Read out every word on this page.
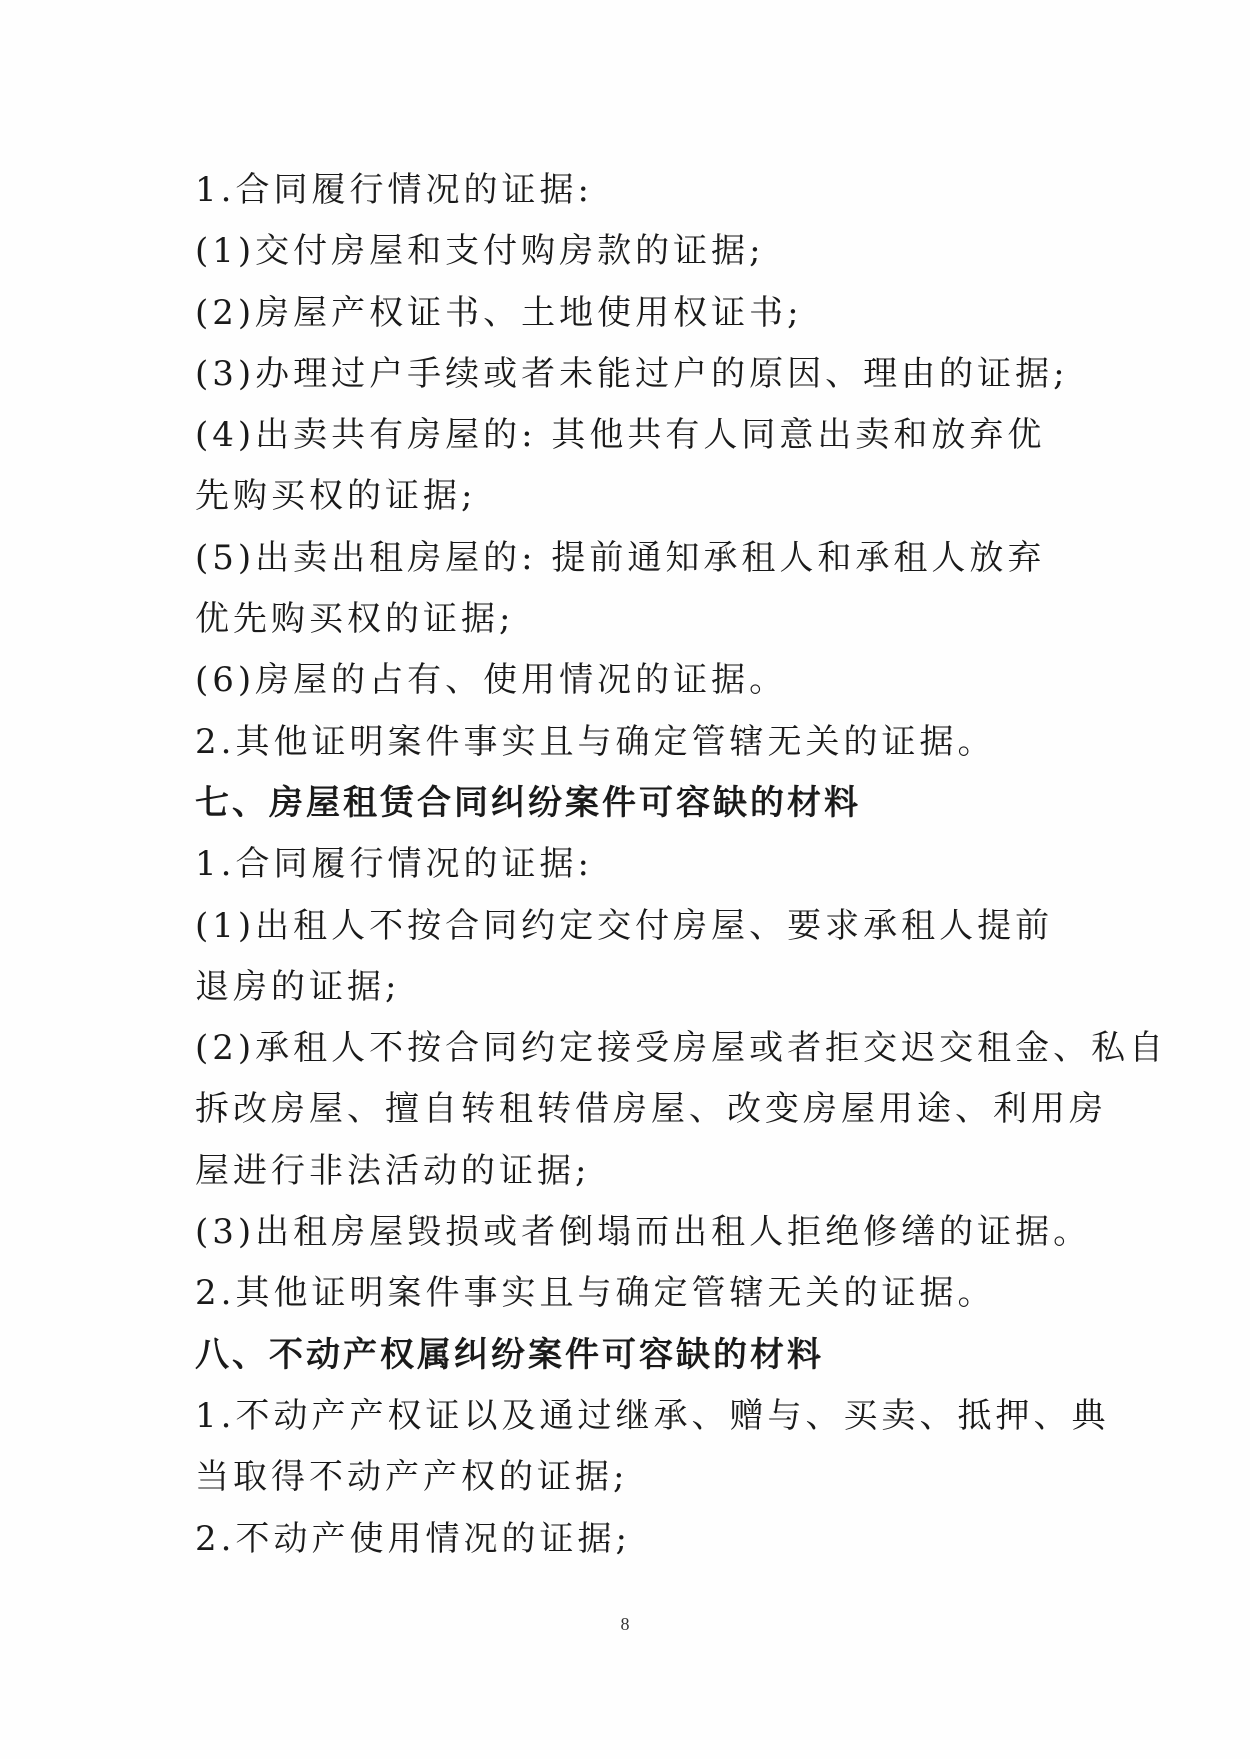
1.合同履行情况的证据:
(1)交付房屋和支付购房款的证据;
(2)房屋产权证书、土地使用权证书;
(3)办理过户手续或者未能过户的原因、理由的证据;
(4)出卖共有房屋的: 其他共有人同意出卖和放弃优
先购买权的证据;
(5)出卖出租房屋的: 提前通知承租人和承租人放弃
优先购买权的证据;
(6)房屋的占有、使用情况的证据。
2.其他证明案件事实且与确定管辖无关的证据。
七、房屋租赁合同纠纷案件可容缺的材料
1.合同履行情况的证据:
(1)出租人不按合同约定交付房屋、要求承租人提前
退房的证据;
(2)承租人不按合同约定接受房屋或者拒交迟交租金、私自
拆改房屋、擅自转租转借房屋、改变房屋用途、利用房
屋进行非法活动的证据;
(3)出租房屋毁损或者倒塌而出租人拒绝修缮的证据。
2.其他证明案件事实且与确定管辖无关的证据。
八、不动产权属纠纷案件可容缺的材料
1.不动产产权证以及通过继承、赠与、买卖、抵押、典
当取得不动产产权的证据;
2.不动产使用情况的证据;
8
